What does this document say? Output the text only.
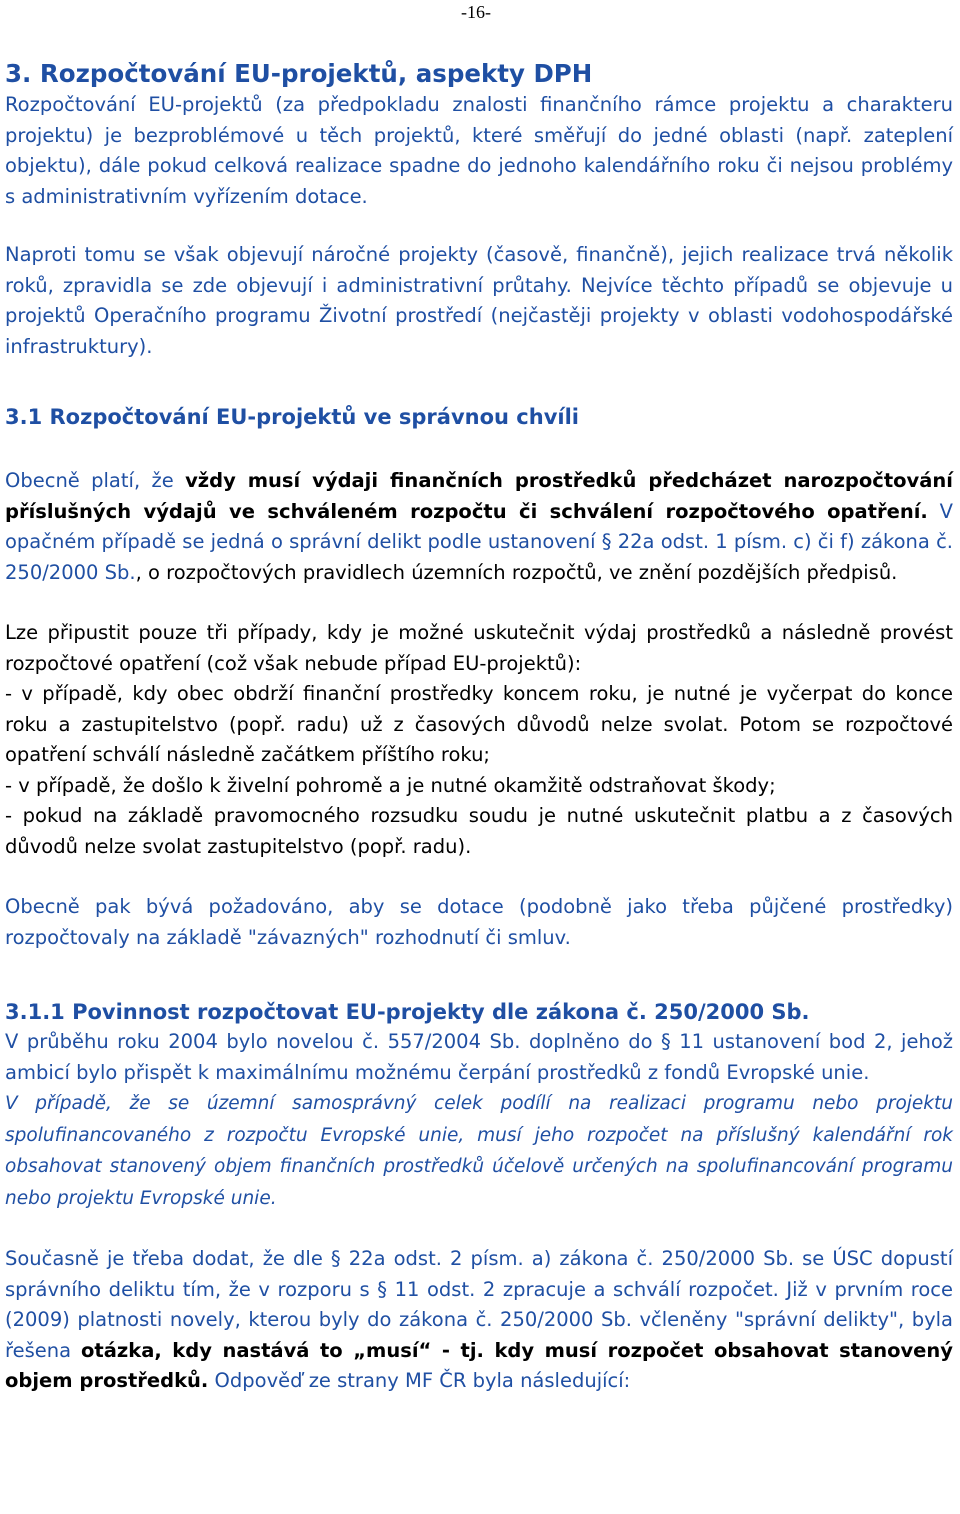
-16-
3. Rozpočtování EU-projektů, aspekty DPH

Rozpočtování EU-projektů (za předpokladu znalosti finančního rámce projektu a charakteru projektu) je bezproblémové u těch projektů, které směřují do jedné oblasti (např. zateplení objektu), dále pokud celková realizace spadne do jednoho kalendářního roku či nejsou problémy s administrativním vyřízením dotace.

Naproti tomu se však objevují náročné projekty (časově, finančně), jejich realizace trvá několik roků, zpravidla se zde objevují i administrativní průtahy. Nejvíce těchto případů se objevuje u projektů Operačního programu Životní prostředí (nejčastěji projekty v oblasti vodohospodářské infrastruktury).

3.1 Rozpočtování EU-projektů ve správnou chvíli

Obecně platí, že vždy musí výdaji finančních prostředků předcházet narozpočtování příslušných výdajů ve schváleném rozpočtu či schválení rozpočtového opatření. V opačném případě se jedná o správní delikt podle ustanovení § 22a odst. 1 písm. c) či f) zákona č. 250/2000 Sb., o rozpočtových pravidlech územních rozpočtů, ve znění pozdějších předpisů.

Lze připustit pouze tři případy, kdy je možné uskutečnit výdaj prostředků a následně provést rozpočtové opatření (což však nebude případ EU-projektů):
- v případě, kdy obec obdrží finanční prostředky koncem roku, je nutné je vyčerpat do konce roku a zastupitelstvo (popř. radu) už z časových důvodů nelze svolat. Potom se rozpočtové opatření schválí následně začátkem příštího roku;
- v případě, že došlo k živelní pohromě a je nutné okamžitě odstraňovat škody;
- pokud na základě pravomocného rozsudku soudu je nutné uskutečnit platbu a z časových důvodů nelze svolat zastupitelstvo (popř. radu).

Obecně pak bývá požadováno, aby se dotace (podobně jako třeba půjčené prostředky) rozpočtovaly na základě "závazných" rozhodnutí či smluv.

3.1.1 Povinnost rozpočtovat EU-projekty dle zákona č. 250/2000 Sb.

V průběhu roku 2004 bylo novelou č. 557/2004 Sb. doplněno do § 11 ustanovení bod 2, jehož ambicí bylo přispět k maximálnímu možnému čerpání prostředků z fondů Evropské unie.
V případě, že se územní samosprávný celek podílí na realizaci programu nebo projektu spolufinancovaného z rozpočtu Evropské unie, musí jeho rozpočet na příslušný kalendářní rok obsahovat stanovený objem finančních prostředků účelově určených na spolufinancování programu nebo projektu Evropské unie.

Současně je třeba dodat, že dle § 22a odst. 2 písm. a) zákona č. 250/2000 Sb. se ÚSC dopustí správního deliktu tím, že v rozporu s § 11 odst. 2 zpracuje a schválí rozpočet. Již v prvním roce (2009) platnosti novely, kterou byly do zákona č. 250/2000 Sb. včleněny "správní delikty", byla řešena otázka, kdy nastává to „musí“ - tj. kdy musí rozpočet obsahovat stanovený objem prostředků. Odpověď ze strany MF ČR byla následující:
